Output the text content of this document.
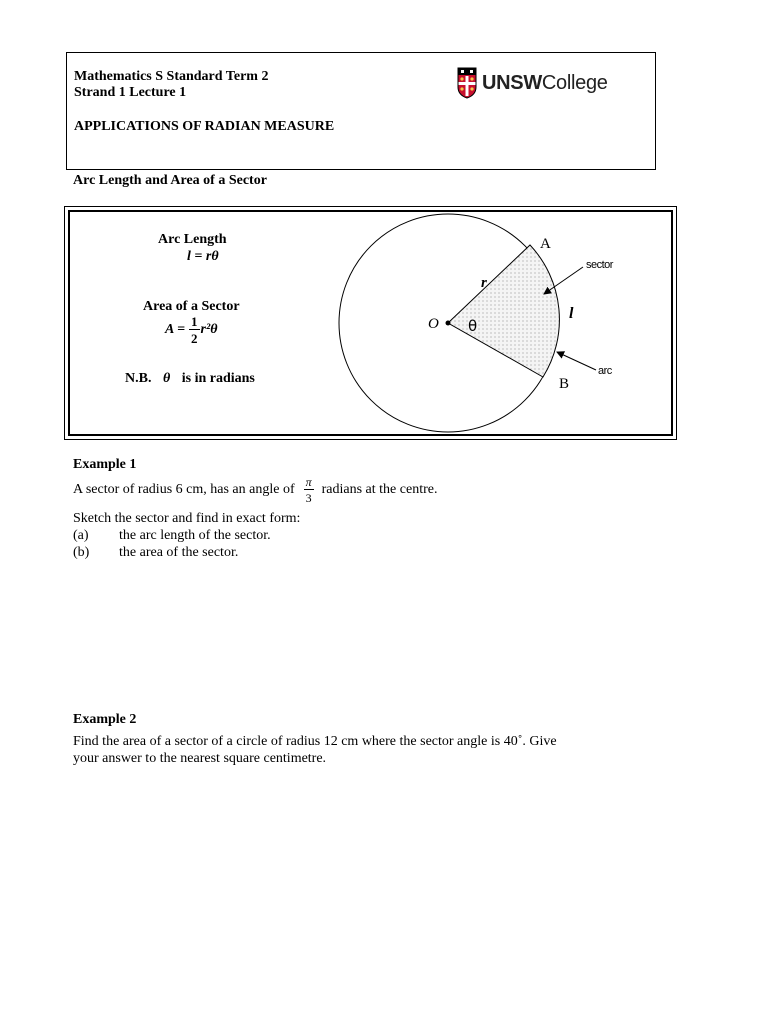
Mathematics S Standard Term 2
Strand 1 Lecture 1
APPLICATIONS OF RADIAN MEASURE
UNSWCollege
Arc Length and Area of a Sector
Arc Length
l = rθ
Area of a Sector
$A = \frac{1}{2} r^2\theta$
N.B. θ is in radians
A
B
O
r
l
θ
sector
arc
Example 1
A sector of radius 6 cm, has an angle of $\frac{\pi}{3}$ radians at the centre.
Sketch the sector and find in exact form:
(a) the arc length of the sector.
(b) the area of the sector.
Example 2
Find the area of a sector of a circle of radius 12 cm where the sector angle is 40˚. Give
your answer to the nearest square centimetre.
